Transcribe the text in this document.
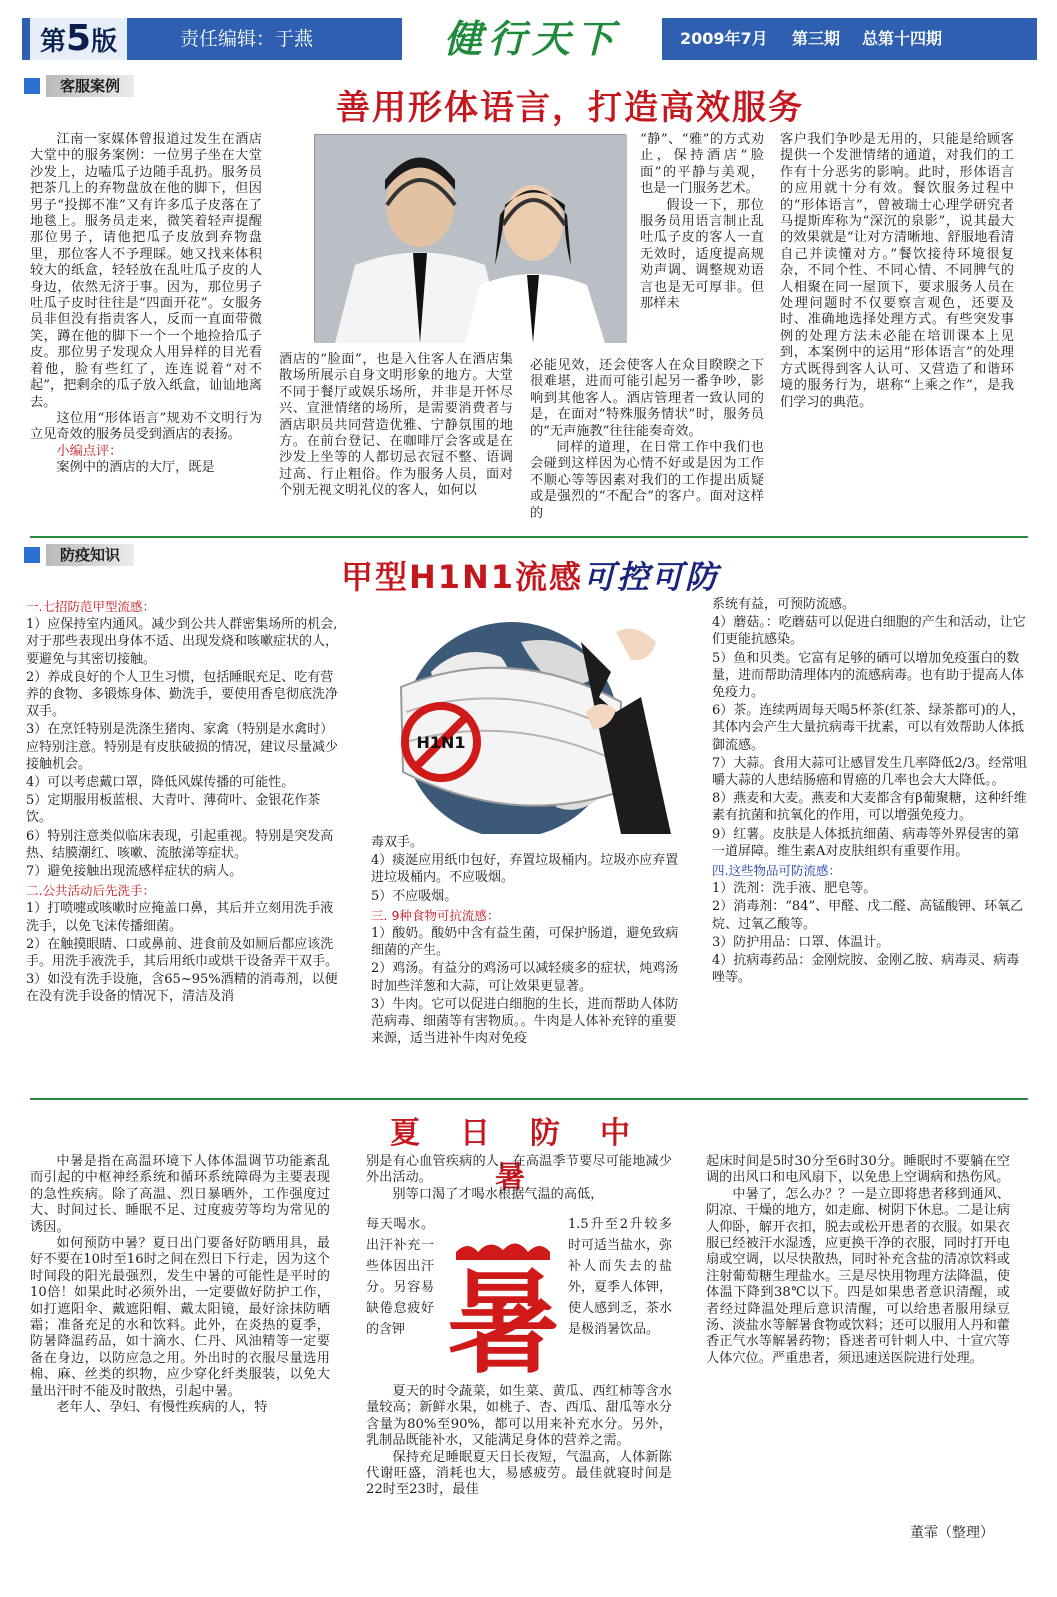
第5版	责任编辑：于燕	健行天下	2009年7月 第三期 总第十四期
客服案例
善用形体语言，打造高效服务

江南一家媒体曾报道过发生在酒店大堂中的服务案例：一位男子坐在大堂沙发上，边嗑瓜子边随手乱扔。服务员把茶几上的弃物盘放在他的脚下，但因男子“投掷不准”又有许多瓜子皮落在了地毯上。服务员走来，微笑着轻声提醒那位男子，请他把瓜子皮放到弃物盘里，那位客人不予理睬。她又找来体积较大的纸盒，轻轻放在乱吐瓜子皮的人身边，依然无济于事。因为，那位男子吐瓜子皮时往往是“四面开花”。女服务员非但没有指责客人，反而一直面带微笑，蹲在他的脚下一个一个地捡拾瓜子皮。那位男子发现众人用异样的目光看着他，脸有些红了，连连说着“对不起”，把剩余的瓜子放入纸盒，讪讪地离去。

这位用“形体语言”规劝不文明行为立见奇效的服务员受到酒店的表扬。

小编点评：

案例中的酒店的大厅，既是

酒店的“脸面”，也是入住客人在酒店集散场所展示自身文明形象的地方。大堂不同于餐厅或娱乐场所，并非是开怀尽兴、宣泄情绪的场所，是需要消费者与酒店职员共同营造优雅、宁静氛围的地方。在前台登记、在咖啡厅会客或是在沙发上坐等的人都切忌衣冠不整、语调过高、行止粗俗。作为服务人员，面对个别无视文明礼仪的客人，如何以

“静”、“雅”的方式劝止，保持酒店“脸面”的平静与美观，也是一门服务艺术。

假设一下，那位服务员用语言制止乱吐瓜子皮的客人一直无效时，适度提高规劝声调、调整规劝语言也是无可厚非。但那样未

必能见效，还会使客人在众目睽睽之下很难堪，进而可能引起另一番争吵，影响到其他客人。酒店管理者一致认同的是，在面对“特殊服务情状”时，服务员的“无声施教”往往能奏奇效。

同样的道理，在日常工作中我们也会碰到这样因为心情不好或是因为工作不顺心等等因素对我们的工作提出质疑或是强烈的“不配合”的客户。面对这样的

客户我们争吵是无用的，只能是给顾客提供一个发泄情绪的通道，对我们的工作有十分恶劣的影响。此时，形体语言的应用就十分有效。餐饮服务过程中的“形体语言”，曾被瑞士心理学研究者马提斯库称为“深沉的泉影”，说其最大的效果就是“让对方清晰地、舒服地看清自己并读懂对方。”餐饮接待环境很复杂，不同个性、不同心情、不同脾气的人相聚在同一屋顶下，要求服务人员在处理问题时不仅要察言观色，还要及时、准确地选择处理方式。有些突发事例的处理方法未必能在培训课本上见到，本案例中的运用“形体语言”的处理方式既得到客人认可、又营造了和谐环境的服务行为，堪称“上乘之作”，是我们学习的典范。

防疫知识
甲型H1N1流感可控可防

一.七招防范甲型流感：

1）应保持室内通风。减少到公共人群密集场所的机会,对于那些表现出身体不适、出现发烧和咳嗽症状的人，要避免与其密切接触。

2）养成良好的个人卫生习惯，包括睡眠充足、吃有营养的食物、多锻炼身体、勤洗手，要使用香皂彻底洗净双手。

3）在烹饪特别是洗涤生猪肉、家禽（特别是水禽时）应特别注意。特别是有皮肤破损的情况，建议尽量减少接触机会。

4）可以考虑戴口罩，降低风媒传播的可能性。

5）定期服用板蓝根、大青叶、薄荷叶、金银花作茶饮。

6）特别注意类似临床表现，引起重视。特别是突发高热、结膜潮红、咳嗽、流脓涕等症状。

7）避免接触出现流感样症状的病人。

二.公共活动后先洗手：

1）打喷嚏或咳嗽时应掩盖口鼻，其后并立刻用洗手液洗手，以免飞沫传播细菌。

2）在触摸眼睛、口或鼻前、进食前及如厕后都应该洗手。用洗手液洗手，其后用纸巾或烘干设备弄干双手。

3）如没有洗手设施，含65~95%酒精的消毒剂，以便在没有洗手设备的情况下，清洁及消

H1N1

毒双手。

4）痰涎应用纸巾包好，弃置垃圾桶内。垃圾亦应弃置进垃圾桶内。不应吸烟。

5）不应吸烟。

三. 9种食物可抗流感：

1）酸奶。酸奶中含有益生菌，可保护肠道，避免致病细菌的产生。

2）鸡汤。有益分的鸡汤可以减轻痰多的症状，炖鸡汤时加些洋葱和大蒜，可让效果更显著。

3）牛肉。它可以促进白细胞的生长，进而帮助人体防范病毒、细菌等有害物质。。牛肉是人体补充锌的重要来源，适当进补牛肉对免疫

系统有益，可预防流感。

4）蘑菇。：吃蘑菇可以促进白细胞的产生和活动，让它们更能抗感染。

5）鱼和贝类。它富有足够的硒可以增加免疫蛋白的数量，进而帮助清理体内的流感病毒。也有助于提高人体免疫力。

6）茶。连续两周每天喝5杯茶(红茶、绿茶都可)的人，其体内会产生大量抗病毒干扰素，可以有效帮助人体抵御流感。

7）大蒜。食用大蒜可让感冒发生几率降低2/3。经常咀嚼大蒜的人患结肠癌和胃癌的几率也会大大降低。。

8）燕麦和大麦。燕麦和大麦都含有β葡聚糖，这种纤维素有抗菌和抗氧化的作用，可以增强免疫力。

9）红薯。皮肤是人体抵抗细菌、病毒等外界侵害的第一道屏障。维生素A对皮肤组织有重要作用。

四.这些物品可防流感：

1）洗剂：洗手液、肥皂等。

2）消毒剂：“84”、甲醛、戊二醛、高锰酸钾、环氧乙烷、过氧乙酸等。

3）防护用品：口罩、体温计。

4）抗病毒药品：金刚烷胺、金刚乙胺、病毒灵、病毒唑等。

夏日防中暑

中暑是指在高温环境下人体体温调节功能紊乱而引起的中枢神经系统和循环系统障碍为主要表现的急性疾病。除了高温、烈日暴晒外，工作强度过大、时间过长、睡眠不足、过度疲劳等均为常见的诱因。

如何预防中暑？夏日出门要备好防晒用具，最好不要在10时至16时之间在烈日下行走，因为这个时间段的阳光最强烈，发生中暑的可能性是平时的10倍！如果此时必须外出，一定要做好防护工作，如打遮阳伞、戴遮阳帽、戴太阳镜，最好涂抹防晒霜；准备充足的水和饮料。此外，在炎热的夏季，防暑降温药品，如十滴水、仁丹、风油精等一定要备在身边，以防应急之用。外出时的衣服尽量选用棉、麻、丝类的织物，应少穿化纤类服装，以免大量出汗时不能及时散热，引起中暑。

老年人、孕妇、有慢性疾病的人，特

别是有心血管疾病的人，在高温季节要尽可能地减少外出活动。

别等口渴了才喝水根据气温的高低，

每天喝水。出汗补充一些体因出汗分。另容易缺倦怠疲好的含钾 暑

1.5升至2升较多时可适当盐水，弥补人而失去的盐外，夏季人体钾，使人感到乏，茶水是极消暑饮品。

夏天的时令蔬菜，如生菜、黄瓜、西红柿等含水量较高；新鲜水果，如桃子、杏、西瓜、甜瓜等水分含量为80%至90%，都可以用来补充水分。另外，乳制品既能补水，又能满足身体的营养之需。

保持充足睡眠夏天日长夜短，气温高，人体新陈代谢旺盛，消耗也大，易感疲劳。最佳就寝时间是22时至23时，最佳

起床时间是5时30分至6时30分。睡眠时不要躺在空调的出风口和电风扇下，以免患上空调病和热伤风。

中暑了，怎么办？？一是立即将患者移到通风、阴凉、干燥的地方，如走廊、树阴下休息。二是让病人仰卧，解开衣扣，脱去或松开患者的衣服。如果衣服已经被汗水湿透，应更换干净的衣服，同时打开电扇或空调，以尽快散热，同时补充含盐的清凉饮料或注射葡萄糖生理盐水。三是尽快用物理方法降温，使体温下降到38℃以下。四是如果患者意识清醒，或者经过降温处理后意识清醒，可以给患者服用绿豆汤、淡盐水等解暑食物或饮料；还可以服用人丹和藿香正气水等解暑药物；昏迷者可针刺人中、十宣穴等人体穴位。严重患者，须迅速送医院进行处理。

董霏（整理）
